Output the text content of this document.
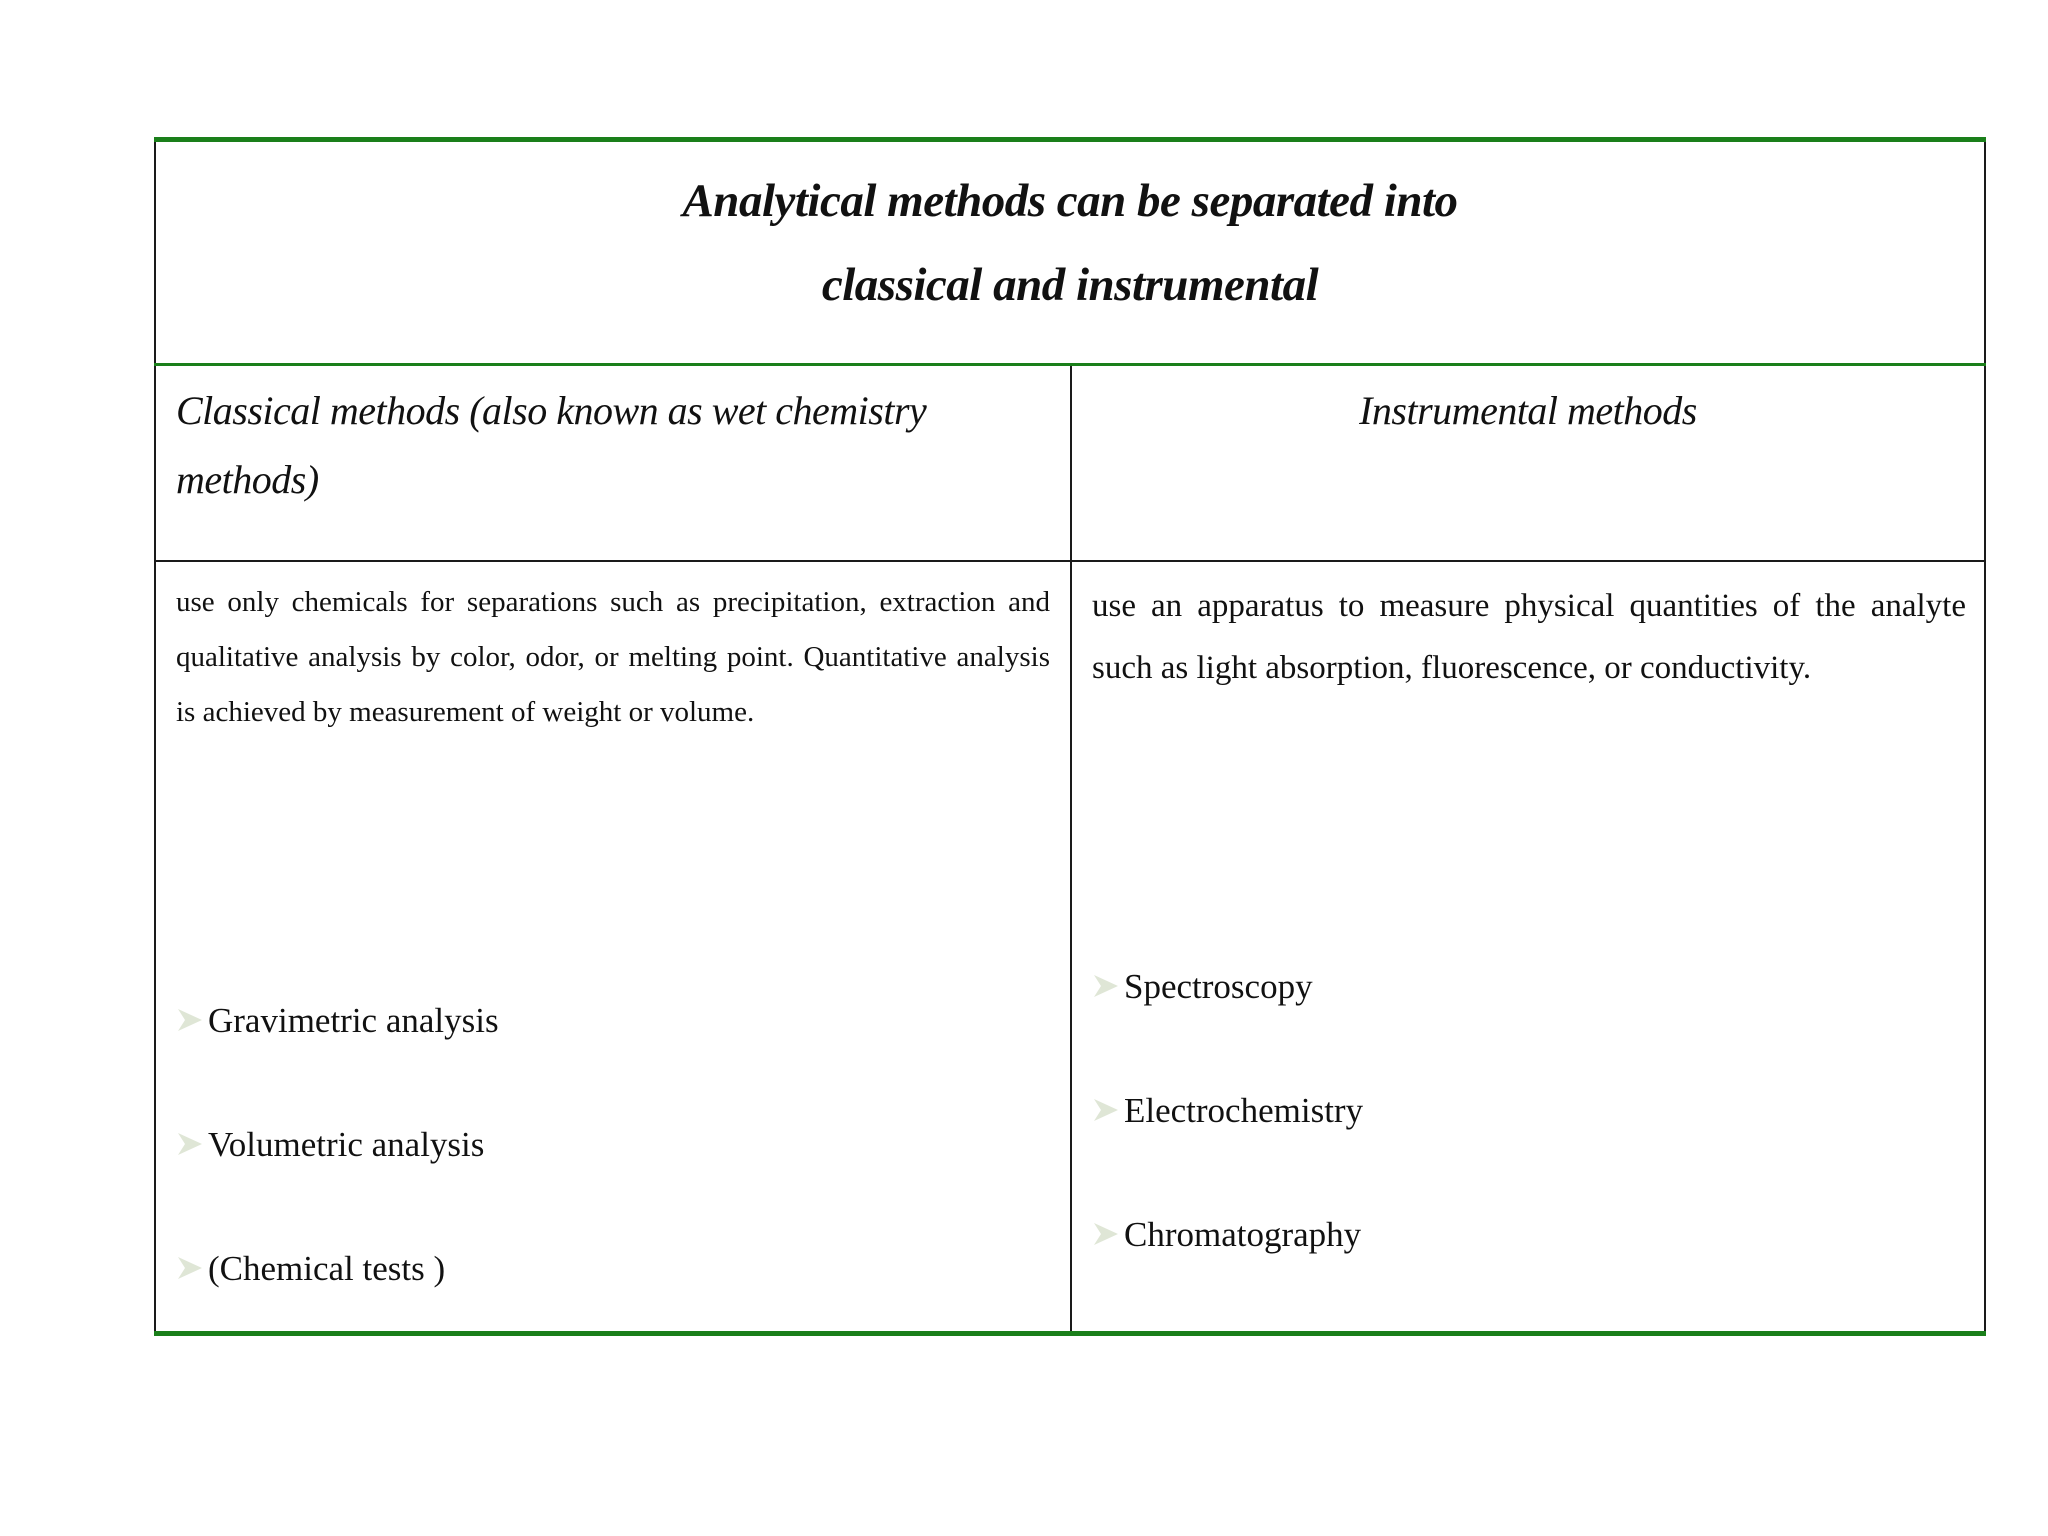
Analytical methods can be separated into
classical and instrumental
Classical methods (also known as wet chemistry methods)
Instrumental methods
use only chemicals for separations such as precipitation, extraction and qualitative analysis by color, odor, or melting point. Quantitative analysis is achieved by measurement of weight or volume.
use an apparatus to measure physical quantities of the analyte such as light absorption, fluorescence, or conductivity.
Gravimetric analysis
Volumetric analysis
(Chemical tests )
Spectroscopy
Electrochemistry
Chromatography
